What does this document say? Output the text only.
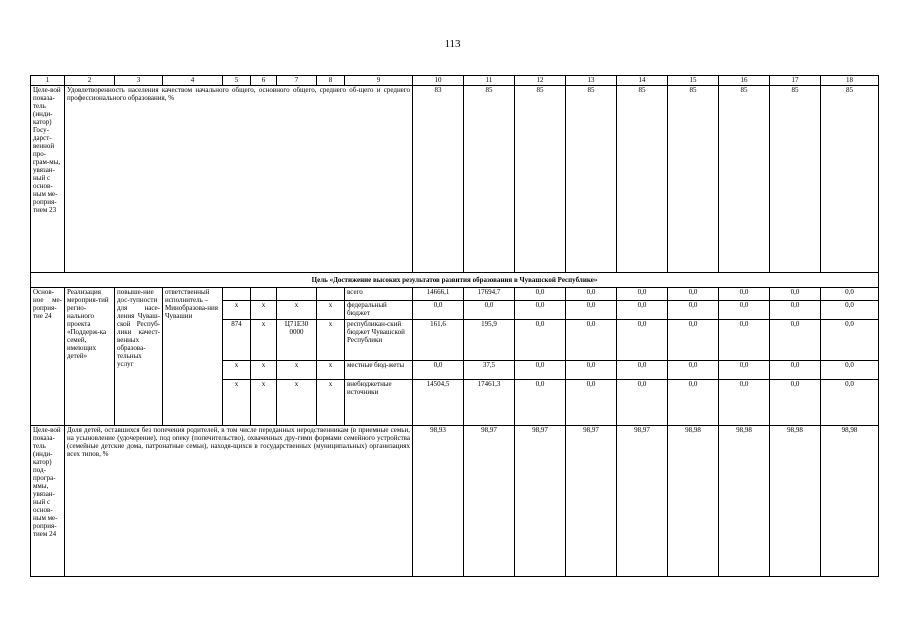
113
1	2	3	4	5	6	7	8	9	10	11	12	13	14	15	16	17	18
Целе-вой показа-тель (инди-катор) Госу-дарст-венной про-грам-мы, увязан-ный с основ-ным ме-роприя-тием 23	Удовлетворенность населения качеством начального общего, основного общего, среднего об-щего и среднего профессионального образования, %								83	85	85	85	85	85	85	85	85
Цель «Достижение высоких результатов развития образования в Чувашской Республике»																	
Основ-ное ме-роприя-тие 24	Реализация мероприя-тий регио-нального проекта «Поддерж-ка семей, имеющих детей»	повыше-ние дос-тупности для насе-ления Чуваш-ской Респуб-лики качест-венных образова-тельных услуг	ответственный исполнитель – Минобразова-ния Чувашии					всего	14666,1	17694,7	0,0	0,0	0,0	0,0	0,0	0,0	0,0
				x	x	x	x	федеральный бюджет	0,0	0,0	0,0	0,0	0,0	0,0	0,0	0,0	0,0
				874	x	Ц71Е30 0000	x	республикан-ский бюджет Чувашской Республики	161,6	195,9	0,0	0,0	0,0	0,0	0,0	0,0	0,0
				x	x	x	x	местные бюд-жеты	0,0	37,5	0,0	0,0	0,0	0,0	0,0	0,0	0,0
				x	x	x	x	внебюджетные источники	14504,5	17461,3	0,0	0,0	0,0	0,0	0,0	0,0	0,0
Целе-вой показа-тель (инди-катор) под-програ-ммы, увязан-ный с основ-ным ме-роприя-тием 24	Доля детей, оставшихся без попечения родителей, в том числе переданных неродственникам (в приемные семьи, на усыновление (удочерение), под опеку (попечительство), охваченных дру-гими формами семейного устройства (семейные детские дома, патронатные семьи), находя-щихся в государственных (муниципальных) организациях всех типов, %								98,93	98,97	98,97	98,97	98,97	98,98	98,98	98,98	98,98
